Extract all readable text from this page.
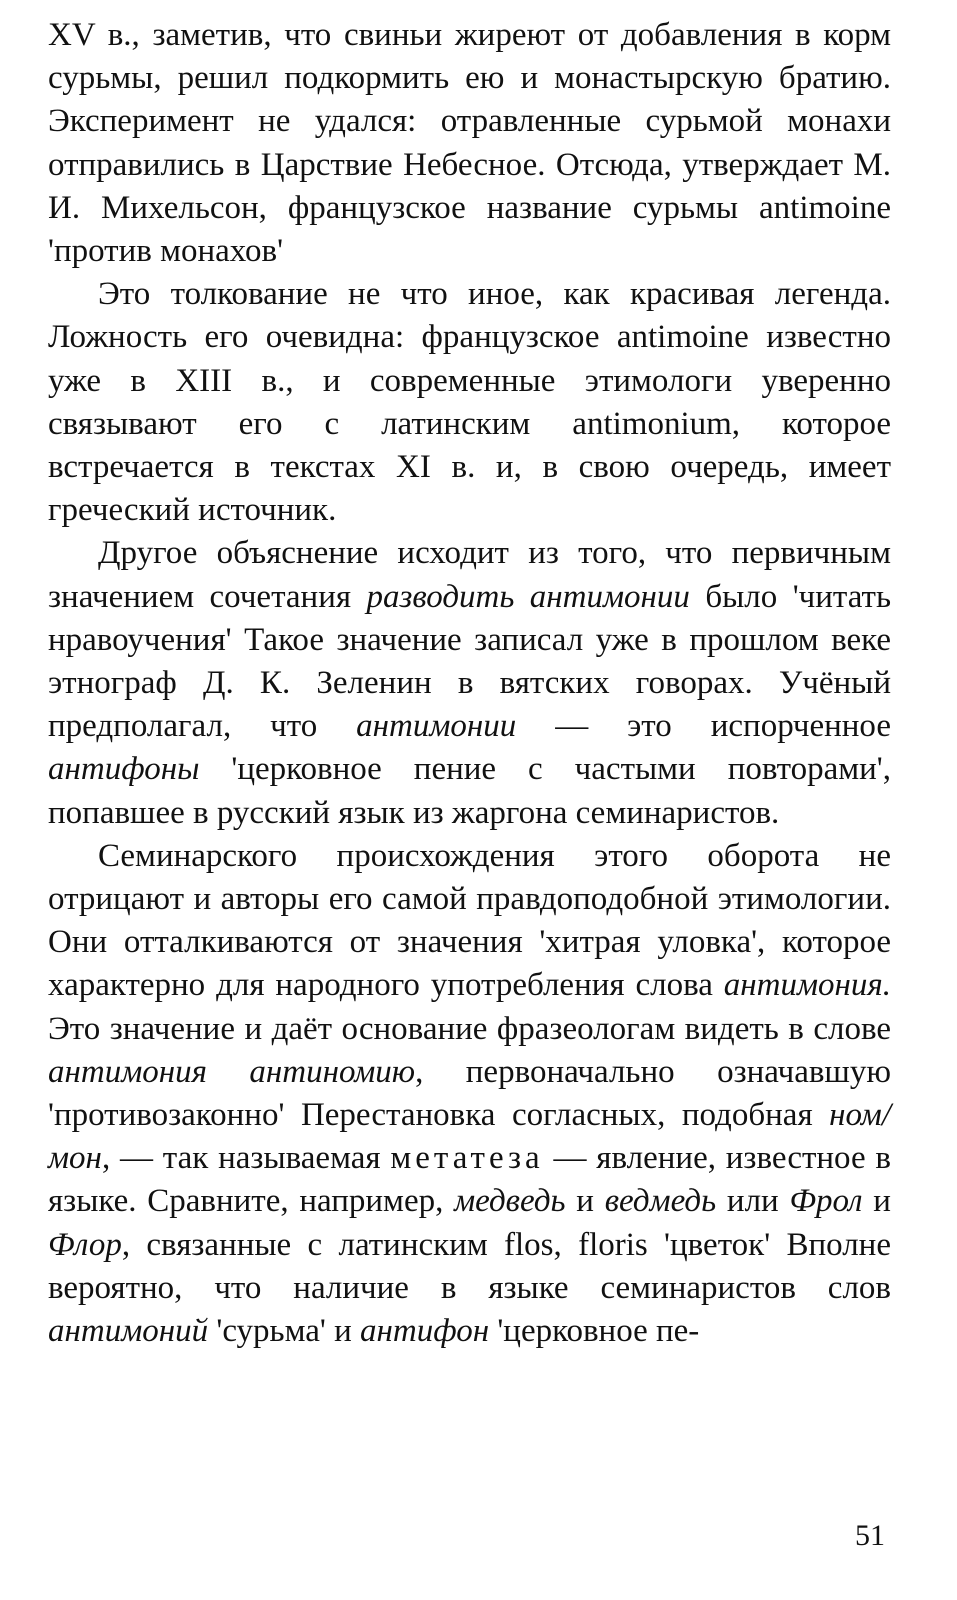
XV в., заметив, что свиньи жиреют от добавления в корм сурьмы, решил подкормить ею и монастырскую братию. Эксперимент не удался: отравленные сурьмой монахи отправились в Царствие Небесное. Отсюда, утверждает М. И. Михельсон, французское название сурьмы antimoine 'против монахов'

Это толкование не что иное, как красивая легенда. Ложность его очевидна: французское antimoine известно уже в XIII в., и современные этимологи уверенно связывают его с латинским antimonium, которое встречается в текстах XI в. и, в свою очередь, имеет греческий источник.

Другое объяснение исходит из того, что первичным значением сочетания разводить антимонии было 'читать нравоучения' Такое значение записал уже в прошлом веке этнограф Д. К. Зеленин в вятских говорах. Учёный предполагал, что антимонии — это испорченное антифоны 'церковное пение с частыми повторами', попавшее в русский язык из жаргона семинаристов.

Семинарского происхождения этого оборота не отрицают и авторы его самой правдоподобной этимологии. Они отталкиваются от значения 'хитрая уловка', которое характерно для народного употребления слова антимония. Это значение и даёт основание фразеологам видеть в слове антимония антиномию, первоначально означавшую 'противозаконно' Перестановка согласных, подобная ном/мон, — так называемая метатеза — явление, известное в языке. Сравните, например, медведь и ведмедь или Фрол и Флор, связанные с латинским flos, floris 'цветок' Вполне вероятно, что наличие в языке семинаристов слов антимоний 'сурьма' и антифон 'церковное пе-

51
